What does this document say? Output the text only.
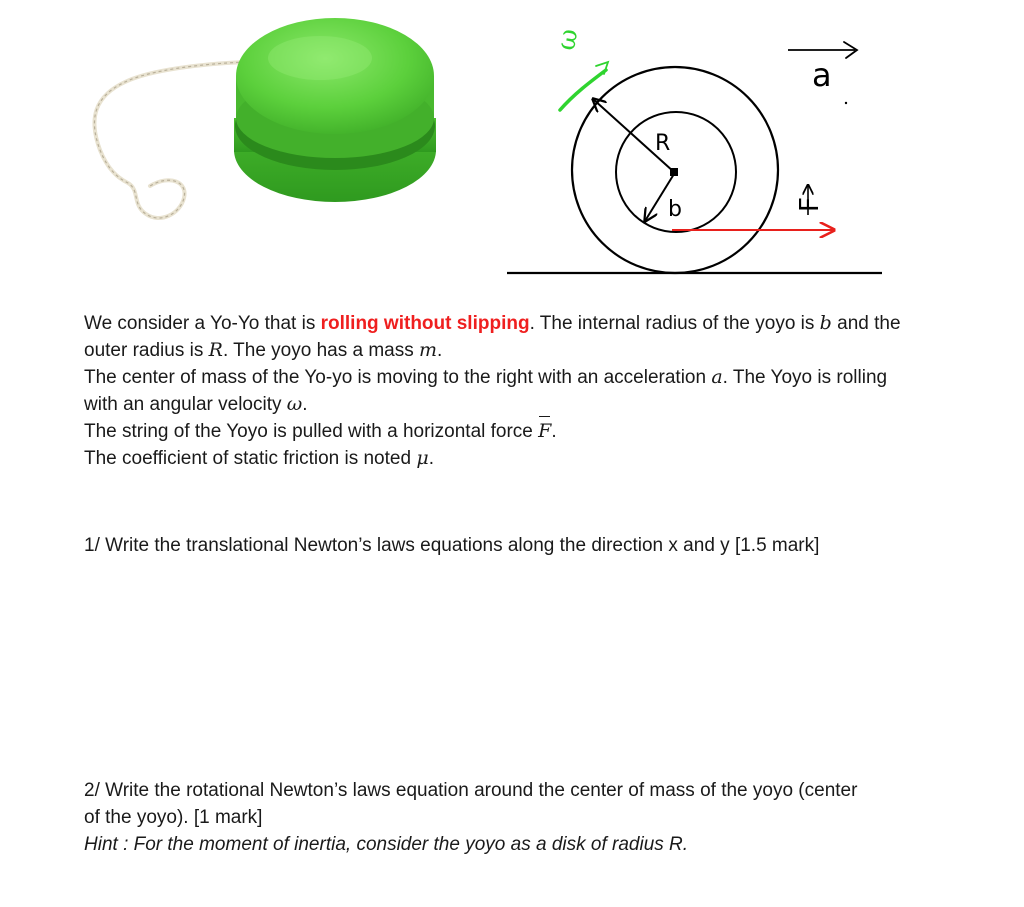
ω
R
b
a
F
We consider a Yo-Yo that is rolling without slipping. The internal radius of the yoyo is b and the
outer radius is R. The yoyo has a mass m.
The center of mass of the Yo-yo is moving to the right with an acceleration a. The Yoyo is rolling
with an angular velocity ω.
The string of the Yoyo is pulled with a horizontal force F.
The coefficient of static friction is noted μ.
1/ Write the translational Newton’s laws equations along the direction x and y [1.5 mark]
2/ Write the rotational Newton’s laws equation around the center of mass of the yoyo (center
of the yoyo). [1 mark]
Hint : For the moment of inertia, consider the yoyo as a disk of radius R.
